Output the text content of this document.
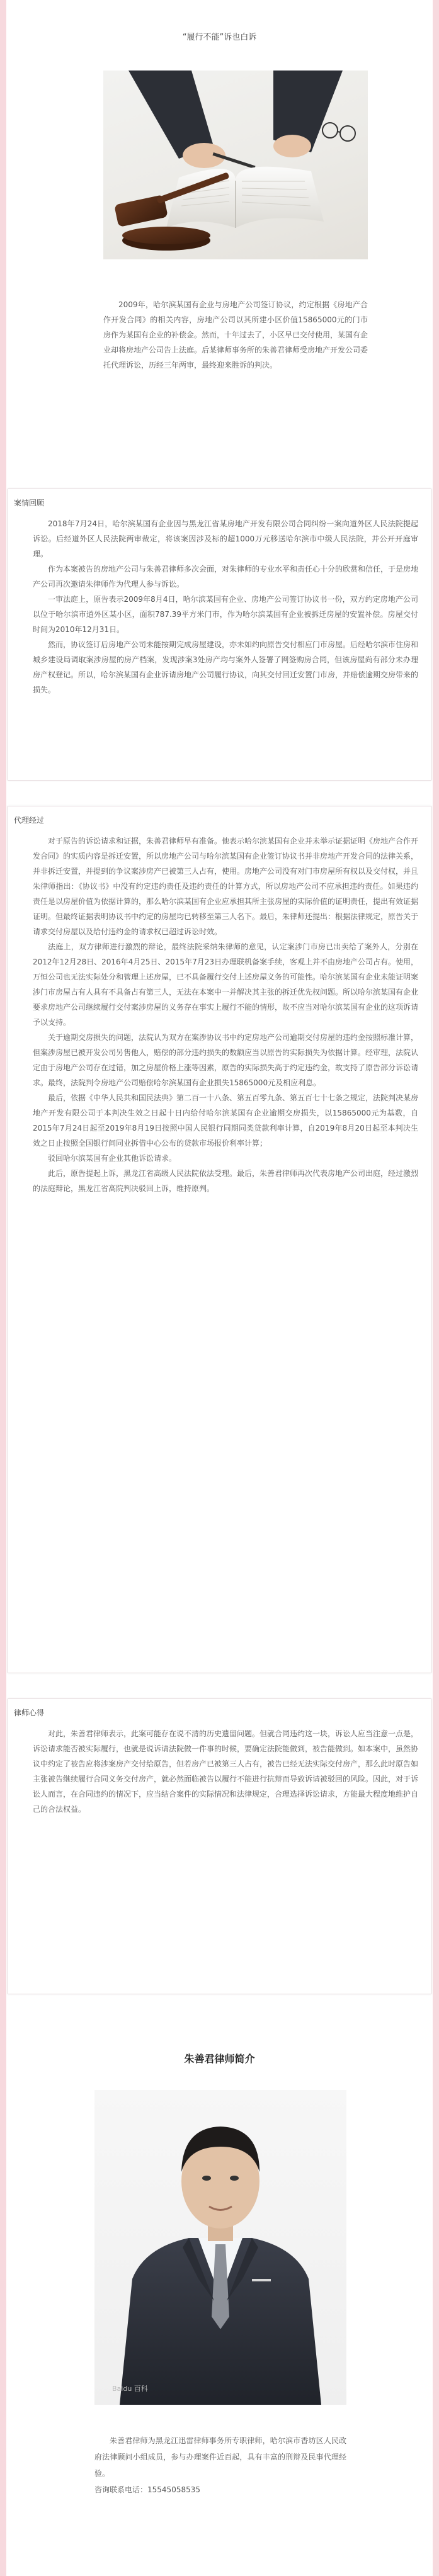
“履行不能”诉也白诉

2009年，哈尔滨某国有企业与房地产公司签订协议，约定根据《房地产合作开发合同》的相关内容，房地产公司以其所建小区价值15865000元的门市房作为某国有企业的补偿金。然而，十年过去了，小区早已交付使用，某国有企业却将房地产公司告上法庭。后某律师事务所的朱善君律师受房地产开发公司委托代理诉讼，历经三年两审，最终迎来胜诉的判决。

案情回顾

2018年7月24日，哈尔滨某国有企业因与黑龙江省某房地产开发有限公司合同纠纷一案向道外区人民法院提起诉讼。后经道外区人民法院两审裁定，将该案因涉及标的超1000万元移送哈尔滨市中级人民法院，并公开开庭审理。

作为本案被告的房地产公司与朱善君律师多次会面，对朱律师的专业水平和责任心十分的欣赏和信任，于是房地产公司再次邀请朱律师作为代理人参与诉讼。

一审法庭上，原告表示2009年8月4日，哈尔滨某国有企业、房地产公司签订协议书一份，双方约定房地产公司以位于哈尔滨市道外区某小区，面积787.39平方米门市，作为哈尔滨某国有企业被拆迁房屋的安置补偿。房屋交付时间为2010年12月31日。

然而，协议签订后房地产公司未能按期完成房屋建设，亦未如约向原告交付相应门市房屋。后经哈尔滨市住房和城乡建设局调取案涉房屋的房产档案，发现涉案3处房产均与案外人签署了网签购房合同，但该房屋尚有部分未办理房产权登记。所以，哈尔滨某国有企业诉请房地产公司履行协议，向其交付回迁安置门市房，并赔偿逾期交房带来的损失。

代理经过

对于原告的诉讼请求和证据，朱善君律师早有准备。他表示哈尔滨某国有企业并未举示证据证明《房地产合作开发合同》的实质内容是拆迁安置，所以房地产公司与哈尔滨某国有企业签订协议书并非房地产开发合同的法律关系，并非拆迁安置，并提到的争议案涉房产已被第三人占有，使用。房地产公司没有对门市房屋所有权以及交付权，并且朱律师指出：《协议书》中没有约定违约责任及违约责任的计算方式，所以房地产公司不应承担违约责任。如果违约责任是以房屋价值为依据计算的，那么哈尔滨某国有企业应承担其所主张房屋的实际价值的证明责任，提出有效证据证明。但最终证据表明协议书中约定的房屋均已转移至第三人名下。最后，朱律师还提出：根据法律规定，原告关于请求交付房屋以及给付违约金的请求权已超过诉讼时效。

法庭上，双方律师进行激烈的辩论，最终法院采纳朱律师的意见，认定案涉门市房已出卖给了案外人，分别在2012年12月28日、2016年4月25日、2015年7月23日办理联机备案手续，客观上并不由房地产公司占有。使用，万恒公司也无法实际处分和管理上述房屋，已不具备履行交付上述房屋义务的可能性。哈尔滨某国有企业未能证明案涉门市房屋占有人具有不具备占有第三人，无法在本案中一并解决其主张的拆迁优先权问题。所以哈尔滨某国有企业要求房地产公司继续履行交付案涉房屋的义务存在事实上履行不能的情形，故不应当对哈尔滨某国有企业的这项诉请予以支持。

关于逾期交房损失的问题，法院认为双方在案涉协议书中约定房地产公司逾期交付房屋的违约金按照标准计算，但案涉房屋已被开发公司另售他人，赔偿的部分违约损失的数额应当以原告的实际损失为依据计算。经审理，法院认定由于房地产公司存在过错，加之房屋价格上涨等因素，原告的实际损失高于约定违约金，故支持了原告部分诉讼请求。最终，法院判令房地产公司赔偿哈尔滨某国有企业损失15865000元及相应利息。

最后，依据《中华人民共和国民法典》第二百一十八条、第五百零九条、第五百七十七条之规定，法院判决某房地产开发有限公司于本判决生效之日起十日内给付哈尔滨某国有企业逾期交房损失，以15865000元为基数，自2015年7月24日起至2019年8月19日按照中国人民银行同期同类贷款利率计算，自2019年8月20日起至本判决生效之日止按照全国银行间同业拆借中心公布的贷款市场报价利率计算；

驳回哈尔滨某国有企业其他诉讼请求。

此后，原告提起上诉，黑龙江省高级人民法院依法受理。最后，朱善君律师再次代表房地产公司出庭，经过激烈的法庭辩论，黑龙江省高院判决驳回上诉，维持原判。

律师心得

对此，朱善君律师表示，此案可能存在说不清的历史遗留问题。但就合同违约这一块，诉讼人应当注意一点是，诉讼请求能否被实际履行，也就是说诉请法院做一件事的时候，要确定法院能做到，被告能做到。如本案中，虽然协议中约定了被告应将涉案房产交付给原告，但若房产已被第三人占有，被告已经无法实际交付房产，那么此时原告如主张被告继续履行合同义务交付房产，就必然面临被告以履行不能进行抗辩而导致诉请被驳回的风险。因此，对于诉讼人而言，在合同违约的情况下，应当结合案件的实际情况和法律规定，合理选择诉讼请求，方能最大程度地维护自己的合法权益。

朱善君律师简介
Baidu 百科

朱善君律师为黑龙江迅雷律师事务所专职律师，哈尔滨市香坊区人民政府法律顾问小组成员，参与办理案件近百起，具有丰富的刑辩及民事代理经验。

咨询联系电话：15545058535
